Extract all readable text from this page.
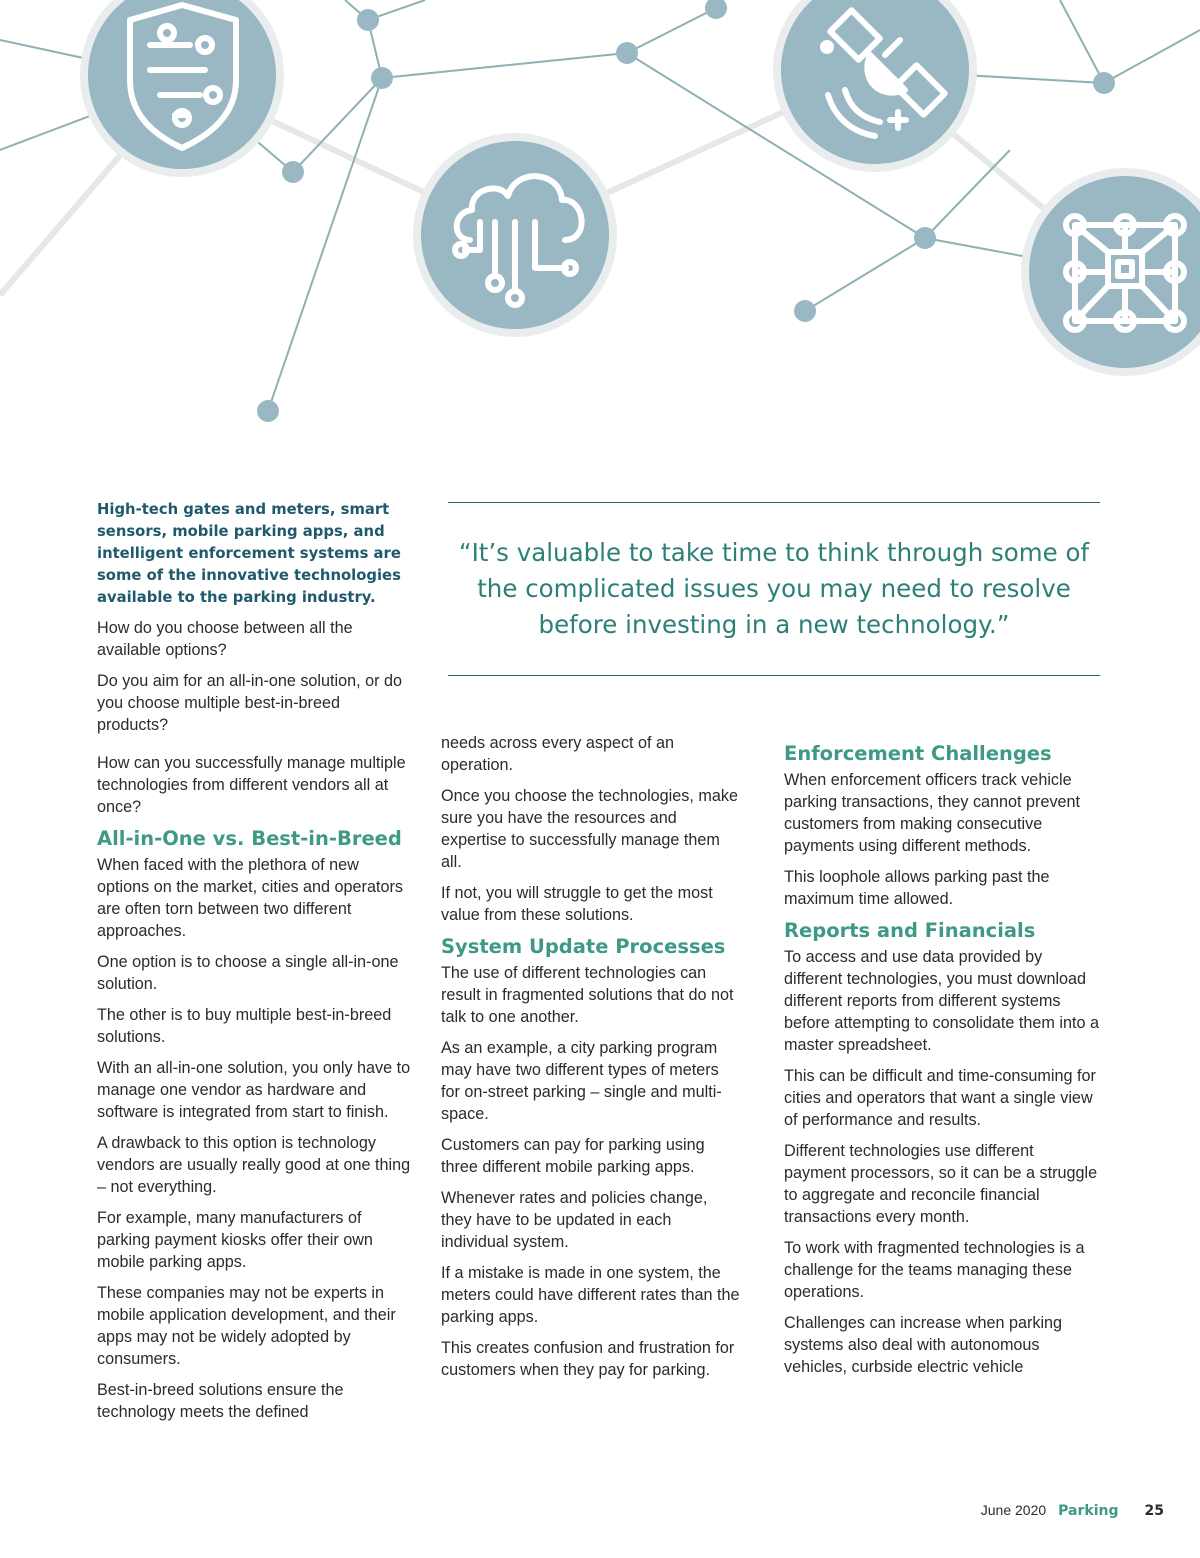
High-tech gates and meters, smart sensors, mobile parking apps, and intelligent enforcement systems are some of the innovative technologies available to the parking industry.

How do you choose between all the available options?

Do you aim for an all-in-one solution, or do you choose multiple best-in-breed products?

How can you successfully manage multiple technologies from different vendors all at once?

All-in-One vs. Best-in-Breed

When faced with the plethora of new options on the market, cities and operators are often torn between two different approaches.

One option is to choose a single all-in-one solution.

The other is to buy multiple best-in-breed solutions.

With an all-in-one solution, you only have to manage one vendor as hardware and software is integrated from start to finish.

A drawback to this option is technology vendors are usually really good at one thing – not everything.

For example, many manufacturers of parking payment kiosks offer their own mobile parking apps.

These companies may not be experts in mobile application development, and their apps may not be widely adopted by consumers.

Best-in-breed solutions ensure the technology meets the defined

“It’s valuable to take time to think through some of the complicated issues you may need to resolve before investing in a new technology.”

needs across every aspect of an operation.

Once you choose the technologies, make sure you have the resources and expertise to successfully manage them all.

If not, you will struggle to get the most value from these solutions.

System Update Processes

The use of different technologies can result in fragmented solutions that do not talk to one another.

As an example, a city parking program may have two different types of meters for on-street parking – single and multi-space.

Customers can pay for parking using three different mobile parking apps.

Whenever rates and policies change, they have to be updated in each individual system.

If a mistake is made in one system, the meters could have different rates than the parking apps.

This creates confusion and frustration for customers when they pay for parking.

Enforcement Challenges

When enforcement officers track vehicle parking transactions, they cannot prevent customers from making consecutive payments using different methods.

This loophole allows parking past the maximum time allowed.

Reports and Financials

To access and use data provided by different technologies, you must download different reports from different systems before attempting to consolidate them into a master spreadsheet.

This can be difficult and time-consuming for cities and operators that want a single view of performance and results.

Different technologies use different payment processors, so it can be a struggle to aggregate and reconcile financial transactions every month.

To work with fragmented technologies is a challenge for the teams managing these operations.

Challenges can increase when parking systems also deal with autonomous vehicles, curbside electric vehicle

June 2020 Parking 25
